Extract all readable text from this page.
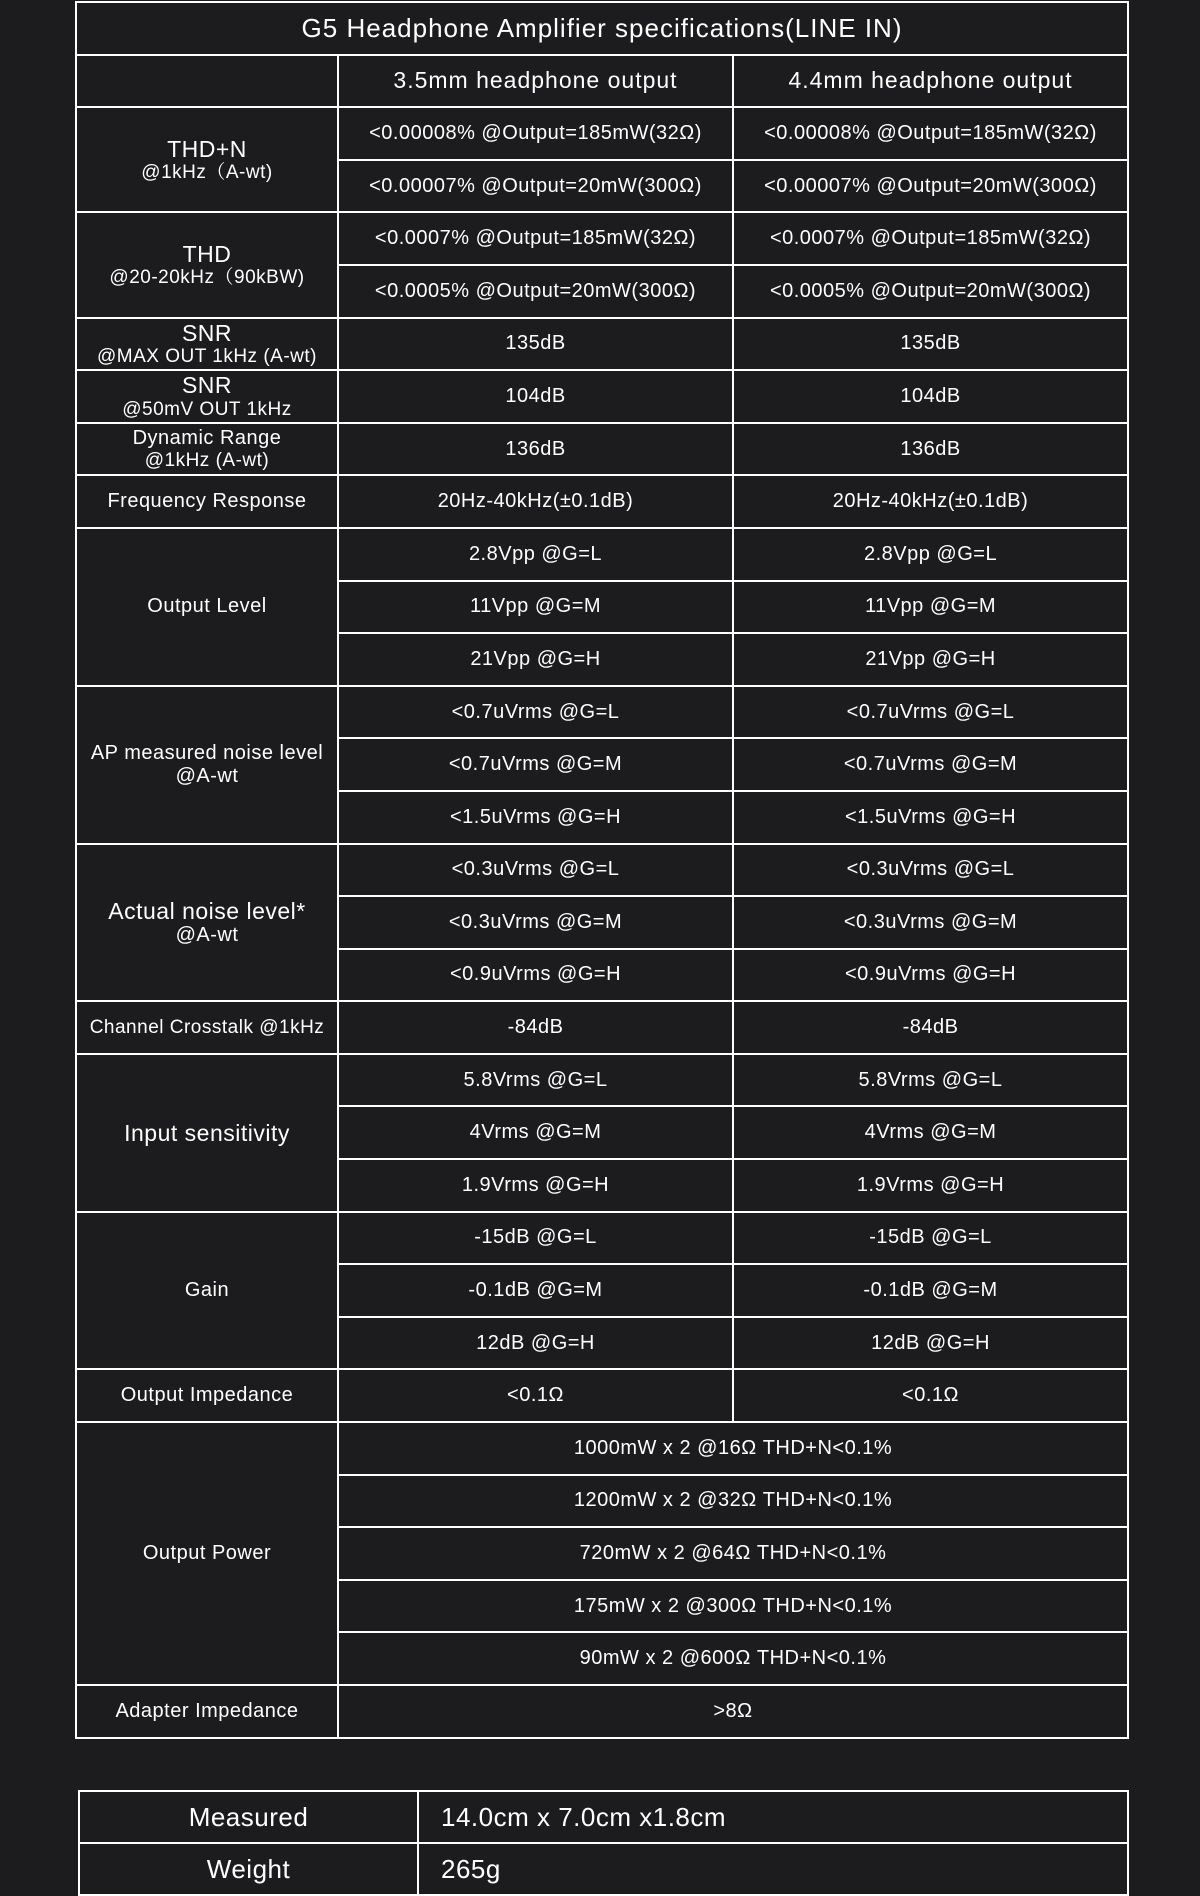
G5 Headphone Amplifier specifications(LINE IN)		
	3.5mm headphone output	4.4mm headphone output

THD+N
@1kHz（A-wt)	<0.00008% @Output=185mW(32Ω)	<0.00008% @Output=185mW(32Ω)
	<0.00007% @Output=20mW(300Ω)	<0.00007% @Output=20mW(300Ω)

THD
@20-20kHz（90kBW)	<0.0007% @Output=185mW(32Ω)	<0.0007% @Output=185mW(32Ω)
	<0.0005% @Output=20mW(300Ω)	<0.0005% @Output=20mW(300Ω)

SNR
@MAX OUT 1kHz (A-wt)	135dB	135dB

SNR
@50mV OUT 1kHz	104dB	104dB

Dynamic Range
@1kHz (A-wt)	136dB	136dB
Frequency Response	20Hz-40kHz(±0.1dB)	20Hz-40kHz(±0.1dB)
Output Level	2.8Vpp @G=L	2.8Vpp @G=L
	11Vpp @G=M	11Vpp @G=M
	21Vpp @G=H	21Vpp @G=H

AP measured noise level
@A-wt	<0.7uVrms @G=L	<0.7uVrms @G=L
	<0.7uVrms @G=M	<0.7uVrms @G=M
	<1.5uVrms @G=H	<1.5uVrms @G=H

Actual noise level*
@A-wt	<0.3uVrms @G=L	<0.3uVrms @G=L
	<0.3uVrms @G=M	<0.3uVrms @G=M
	<0.9uVrms @G=H	<0.9uVrms @G=H
Channel Crosstalk @1kHz	-84dB	-84dB
Input sensitivity	5.8Vrms @G=L	5.8Vrms @G=L
	4Vrms @G=M	4Vrms @G=M
	1.9Vrms @G=H	1.9Vrms @G=H
Gain	-15dB @G=L	-15dB @G=L
	-0.1dB @G=M	-0.1dB @G=M
	12dB @G=H	12dB @G=H
Output Impedance	<0.1Ω	<0.1Ω
Output Power	1000mW x 2 @16Ω THD+N<0.1%	
	1200mW x 2 @32Ω THD+N<0.1%	
	720mW x 2 @64Ω THD+N<0.1%	
	175mW x 2 @300Ω THD+N<0.1%	
	90mW x 2 @600Ω THD+N<0.1%	
Adapter Impedance	>8Ω	
Measured	14.0cm x 7.0cm x1.8cm
Weight	265g
